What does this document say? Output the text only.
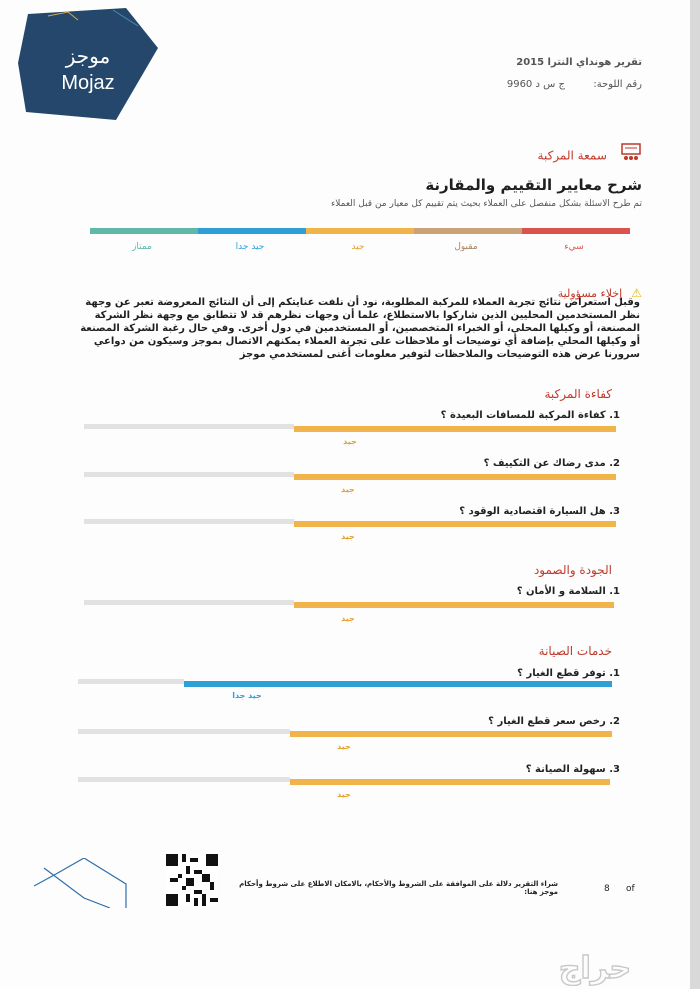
موجز
Mojaz
تقرير هونداي النترا 2015
رقم اللوحة:  ج س د 9960
سمعة المركبة
شرح معايير التقييم والمقارنة
تم طرح الاسئلة بشكل منفصل على العملاء بحيث يتم تقييم كل معيار من قبل العملاء
ممتاز	جيد جدا	جيد	مقبول	سيء
⚠ إخلاء مسؤولية
وقبل استعراض نتائج تجربة العملاء للمركبة المطلوبة، نود أن نلفت عنايتكم إلى أن النتائج المعروضة تعبر عن وجهة نظر المستخدمين المحليين الذين شاركوا بالاستطلاع، علما أن وجهات نظرهم قد لا تتطابق مع وجهة نظر الشركة المصنعة، أو وكيلها المحلي، أو الخبراء المتخصصين، أو المستخدمين في دول أخرى. وفي حال رغبة الشركة المصنعة أو وكيلها المحلي بإضافة أي توضيحات أو ملاحظات على تجربة العملاء يمكنهم الاتصال بموجز وسيكون من دواعي سرورنا عرض هذه التوضيحات والملاحظات لتوفير معلومات أغنى لمستخدمي موجز
كفاءة المركبة
1. كفاءة المركبة للمسافات البعيدة ؟
جيد
2. مدى رضاك عن التكييف ؟
جيد
3. هل السيارة اقتصادية الوقود ؟
جيد
الجودة والصمود
1. السلامة و الأمان ؟
جيد
خدمات الصيانة
1. توفر قطع الغيار ؟
جيد جدا
2. رخص سعر قطع الغيار ؟
جيد
3. سهولة الصيانة ؟
جيد
شراء التقرير دلالة على الموافقة على الشروط والأحكام، بالامكان الاطلاع على شروط وأحكام موجز هنا:	8 of
حراج
